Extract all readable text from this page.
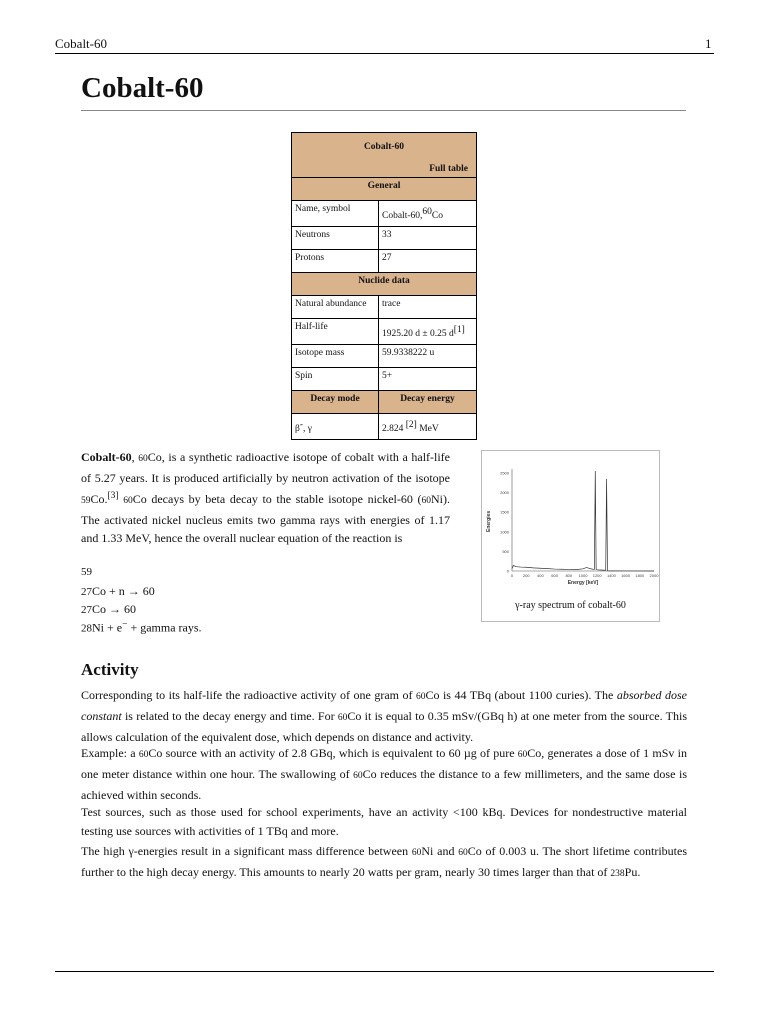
Cobalt-60	1
Cobalt-60
Cobalt-60
Full table	

General	
Name, symbol	Cobalt-60,60Co
Neutrons	33
Protons	27
Nuclide data	
Natural abundance	trace
Half-life	1925.20 d ± 0.25 d[1]
Isotope mass	59.9338222 u
Spin	5+
Decay mode	Decay energy
β-, γ	2.824 [2] MeV

Cobalt-60, 60Co, is a synthetic radioactive isotope of cobalt with a half-life of 5.27 years. It is produced artificially by neutron activation of the isotope 59Co.[3] 60Co decays by beta decay to the stable isotope nickel-60 (60Ni). The activated nickel nucleus emits two gamma rays with energies of 1.17 and 1.33 MeV, hence the overall nuclear equation of the reaction is

59
27Co + n → 60
27Co → 60
28Ni + e− + gamma rays.
0
500
1000
1500
2000
2500
0 200 400 600 800 1000 1200 1400 1600 1800 2000
Energies
Energy [keV]
γ-ray spectrum of cobalt-60
Activity

Corresponding to its half-life the radioactive activity of one gram of 60Co is 44 TBq (about 1100 curies). The absorbed dose constant is related to the decay energy and time. For 60Co it is equal to 0.35 mSv/(GBq h) at one meter from the source. This allows calculation of the equivalent dose, which depends on distance and activity.

Example: a 60Co source with an activity of 2.8 GBq, which is equivalent to 60 µg of pure 60Co, generates a dose of 1 mSv in one meter distance within one hour. The swallowing of 60Co reduces the distance to a few millimeters, and the same dose is achieved within seconds.

Test sources, such as those used for school experiments, have an activity <100 kBq. Devices for nondestructive material testing use sources with activities of 1 TBq and more.

The high γ-energies result in a significant mass difference between 60Ni and 60Co of 0.003 u. The short lifetime contributes further to the high decay energy. This amounts to nearly 20 watts per gram, nearly 30 times larger than that of 238Pu.
